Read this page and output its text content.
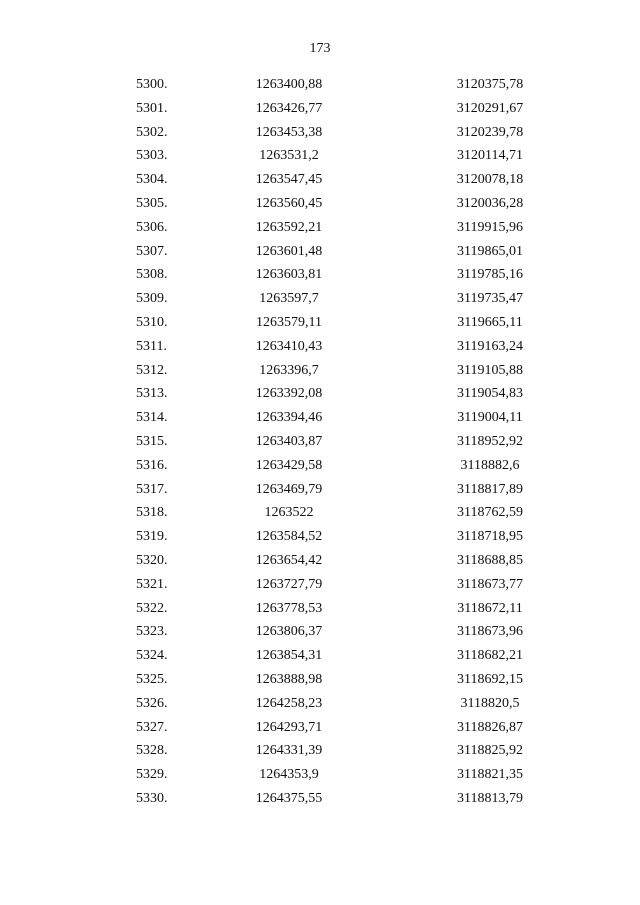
173
5300.	1263400,88	3120375,78
5301.	1263426,77	3120291,67
5302.	1263453,38	3120239,78
5303.	1263531,2	3120114,71
5304.	1263547,45	3120078,18
5305.	1263560,45	3120036,28
5306.	1263592,21	3119915,96
5307.	1263601,48	3119865,01
5308.	1263603,81	3119785,16
5309.	1263597,7	3119735,47
5310.	1263579,11	3119665,11
5311.	1263410,43	3119163,24
5312.	1263396,7	3119105,88
5313.	1263392,08	3119054,83
5314.	1263394,46	3119004,11
5315.	1263403,87	3118952,92
5316.	1263429,58	3118882,6
5317.	1263469,79	3118817,89
5318.	1263522	3118762,59
5319.	1263584,52	3118718,95
5320.	1263654,42	3118688,85
5321.	1263727,79	3118673,77
5322.	1263778,53	3118672,11
5323.	1263806,37	3118673,96
5324.	1263854,31	3118682,21
5325.	1263888,98	3118692,15
5326.	1264258,23	3118820,5
5327.	1264293,71	3118826,87
5328.	1264331,39	3118825,92
5329.	1264353,9	3118821,35
5330.	1264375,55	3118813,79
